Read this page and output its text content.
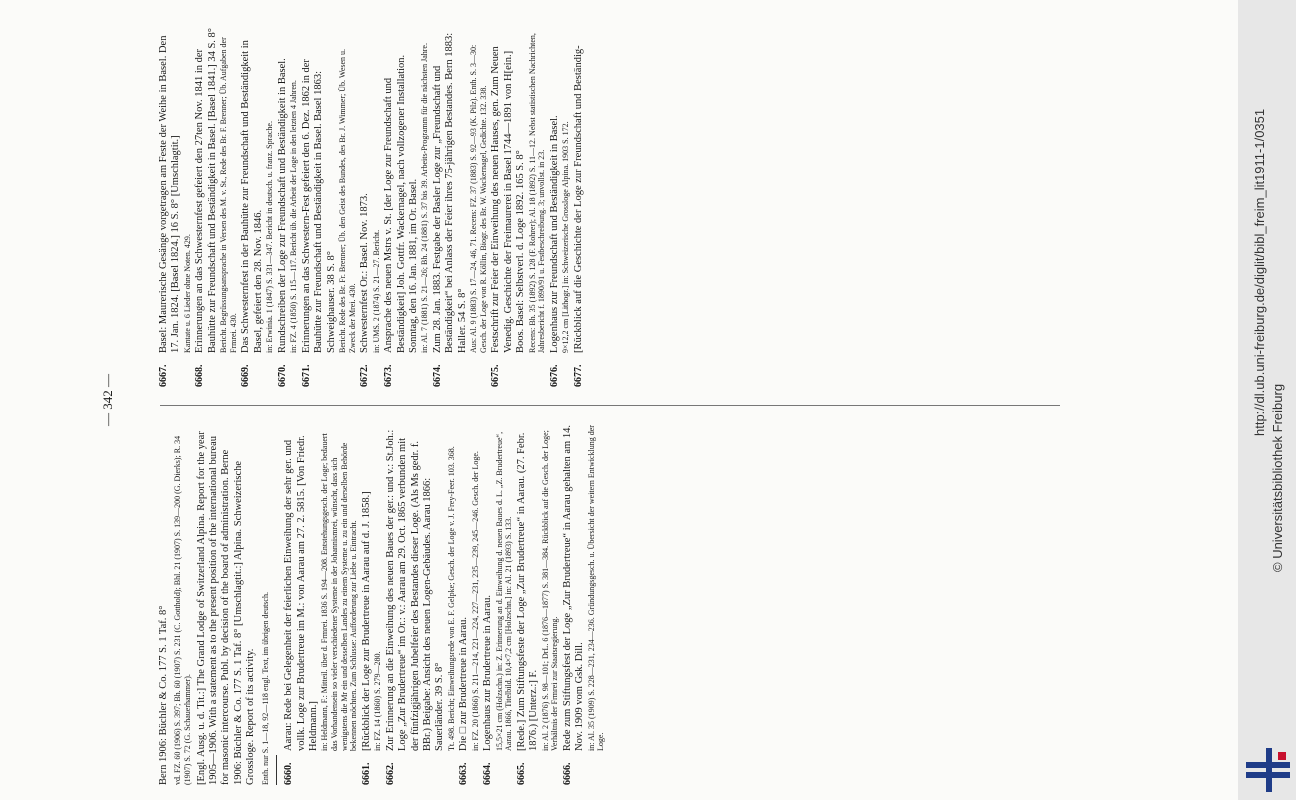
— 342 —
Bern 1906: Büchler & Co. 177 S. 1 Taf. 8° vd. FZ. 60 (1906) S. 397; Bh. 60 (1907) S. 231 (C. Gotthold); Bhl. 21 (1907) S. 139—200 (G. Dierks); R. 34 (1907) S. 72 (G. Schauerhammer). [Engl. Ausg. u. d. Tit.:] The Grand Lodge of Switzerland Alpina. Report for the year 1905—1906. With a statement as to the present position of the international bureau for masonic intercourse. Publ. by decision of the board of administration. Berne 1906: Büchler & Co. 177 S. 1 Taf. 8° [Umschlagtit.:] Alpina. Schweizerische Grossloge. Report of its activity. Enth. nur S. 1—18, 92—118 engl. Text, im übrigen deutsch. 6660.
Aarau: Rede bei Gelegenheit der feierlichen Einweihung der sehr ger. und vollk. Loge zur Brudertreue im M.: von Aarau am 27. 2. 5815. [Von Friedr. Heldmann.] in: Heldmann, F.: Mitteil. über d. Frmrei. 1836 S. 194—208. Entstehungsgesch. der Loge; bedauert das Vorhandensein so vieler verschiedener Systeme in der Johannismrei, wünscht, dass sich wenigstens die Mr ein und desselben Landes zu einem Systeme u. zu ein und derselben Behörde bekennen möchten. Zum Schlusse: Aufforderung zur Liebe u. Eintracht.
6661.
[Rückblick der Loge zur Brudertreue in Aarau auf d. J. 1858.] in: FZ. 14 (1860) S. 279—280.
6662.
Zur Erinnerung an die Einweihung des neuen Baues der ger.: und v.: St.Joh.: Loge „Zur Brudertreue“ im Or.: v.: Aarau am 29. Oct. 1865 verbunden mit der fünfzigjährigen Jubelfeier des Bestandes dieser Loge. (Als Ms gedr. f. BBr.) Beigabe: Ansicht des neuen Logen-Gebäudes. Aarau 1866: Sauerländer. 39 S. 8° Tt. 498. Bericht; Einweihungsrede von E. F. Gelpke; Gesch. der Loge v. J. Frey-Feer. 103. 368.
6663.
Die □ zur Brudertreue in Aarau. in: FZ. 20 (1866) S. 211—214, 221—224, 227—231, 235—239, 245—246. Gesch. der Loge.
6664.
Logenhaus zur Brudertreue in Aarau. 15,5×21 cm (Holzschn.) in: Z. Erinnerung an d. Einweihung d. neuen Baues d. L. „Z. Brudertreue“, Aarau. 1866, Titelbild. 10,4×7,2 cm [Holzschn.] in: Al. 21 (1893) S. 133.
6665.
[Rede.] Zum Stiftungsfeste der Loge „Zur Brudertreue“ in Aarau. (27. Febr. 1876.) [Unterz.:] F. in: Al. 2 (1876) S. 98—101; DrL. 6 (1876—1877) S. 381—384. Rückblick auf die Gesch. der Loge; Verhältnis der Frmrei zur Staatsregierung.
6666.
Rede zum Stiftungsfest der Loge „Zur Brudertreue“ in Aarau gehalten am 14. Nov. 1909 vom Gsk. Dill. in: Al. 35 (1909) S. 228—231, 234—236. Gründungsgesch. u. Übersicht der weitern Entwicklung der Loge.
6667.
Basel: Maurerische Gesänge vorgetragen am Feste der Weihe in Basel. Den 17. Jan. 1824. [Basel 1824.] 16 S. 8° [Umschlagtit.] Kantate u. 6 Lieder ohne Noten. 429.
6668.
Erinnerungen an das Schwesternfest gefeiert den 27ten Nov. 1841 in der Bauhütte zur Freundschaft und Beständigkeit in Basel. [Basel 1841.] 34 S. 8° Bericht. Begrüssungsansprache in Versen des M. v. St., Rede des Br. F. Brenner; Üb. Aufgaben der Frmrei. 430.
6669.
Das Schwesternfest in der Bauhütte zur Freundschaft und Beständigkeit in Basel, gefeiert den 28. Nov. 1846. in: Erwinia. 1 (1847) S. 331—347. Bericht in deutsch. u. franz. Sprache.
6670.
Rundschreiben der Loge zur Freundschaft und Beständigkeit in Basel. in: FZ. 4 (1850) S. 115—117. Bericht üb. die Arbeit der Loge in den letzten 4 Jahren.
6671.
Erinnerungen an das Schwestern-Fest gefeiert den 6. Dez. 1862 in der Bauhütte zur Freundschaft und Beständigkeit in Basel. Basel 1863: Schweighauser. 38 S. 8° Bericht. Rede des Br. Fr. Brenner; Üb. den Geist des Bundes, des Br. J. Wimmer; Üb. Wesen u. Zweck der Mrei. 430.
6672.
Schwesternfest Or.: Basel. Nov. 1873. in: UMS. 2 (1874) S. 21—27. Bericht.
6673.
Ansprache des neuen Mstrs v. St. [der Loge zur Freundschaft und Beständigkeit] Joh. Gottfr. Wackernagel, nach vollzogener Installation. Sonntag, den 16. Jan. 1881, im Or. Basel. in: Al. 7 (1881) S. 21—26; Bh. 24 (1881) S. 37 bis 39. Arbeits-Programm für die nächsten Jahre.
6674.
Zum 28. Jan. 1883. Festgabe der Basler Loge zur „Freundschaft und Beständigkeit“ bei Anlass der Feier ihres 75-jährigen Bestandes. Bern 1883: Haller. 54 S. 8° Aus: Al. 9 (1883) S. 17—24, 46, 71. Recens: FZ. 37 (1883) S. 92—93 (K. Pilz). Enth. S. 3—30: Gesch. der Loge von R. Köllin, Biogr. des Br. W. Wackernagel, Gedichte. 132. 338.
6675.
Festschrift zur Feier der Einweihung des neuen Hauses, gen. Zum Neuen Venedig. Geschichte der Freimaurerei in Basel 1744—1891 von H[ein.] Boos. Basel: Selbstverl. d. Loge 1892. 165 S. 8° Recens: Bh. 35 (1892) S. 128 (F. Rohrer); Al. 18 (1892) S. 11—12. Nebst statistischen Nachrichten, Jahresbericht f. 1890/91 u. Festbeschreibung. 3; unvollst. in 23.
6676.
Logenhaus zur Freundschaft und Beständigkeit in Basel. 9×12,2 cm [Lithogr.] in: Schweizerische Grossloge Alpina. 1903 S. 172.
6677.
[Rückblick auf die Geschichte der Loge zur Freundschaft und Beständig-	http://dl.ub.uni-freiburg.de/diglit/bibl_freim_lit1911-1/0351
© Universitätsbibliothek Freiburg
